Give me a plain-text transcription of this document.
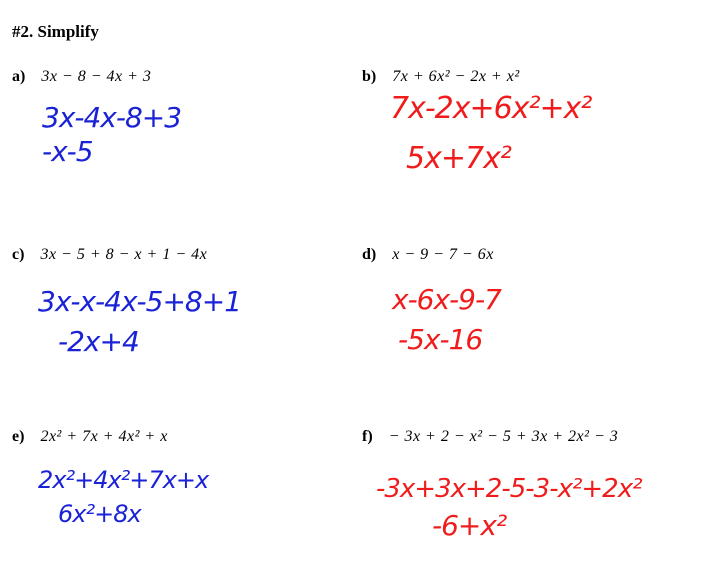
#2. Simplify
a) 3x − 8 − 4x + 3
3x-4x-8+3
-x-5
b) 7x + 6x² − 2x + x²
7x-2x+6x²+x²
5x+7x²
c) 3x − 5 + 8 − x + 1 − 4x
3x-x-4x-5+8+1
-2x+4
d) x − 9 − 7 − 6x
x-6x-9-7
-5x-16
e) 2x² + 7x + 4x² + x
2x²+4x²+7x+x
6x²+8x
f) − 3x + 2 − x² − 5 + 3x + 2x² − 3
-3x+3x+2-5-3-x²+2x²
-6+x²
